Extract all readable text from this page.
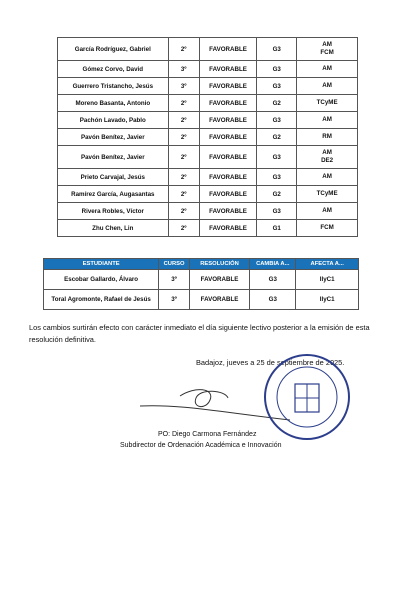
García Rodríguez, Gabriel	2º	FAVORABLE	G3	AM
FCM

Gómez Corvo, David	3º	FAVORABLE	G3	AM

Guerrero Tristancho, Jesús	3º	FAVORABLE	G3	AM

Moreno Basanta, Antonio	2º	FAVORABLE	G2	TCyME

Pachón Lavado, Pablo	2º	FAVORABLE	G3	AM

Pavón Benítez, Javier	2º	FAVORABLE	G2	RM

Pavón Benítez, Javier	2º	FAVORABLE	G3	AM
DE2

Prieto Carvajal, Jesús	2º	FAVORABLE	G3	AM

Ramírez García, Augasantas	2º	FAVORABLE	G2	TCyME

Rivera Robles, Víctor	2º	FAVORABLE	G3	AM

Zhu Chen, Lin	2º	FAVORABLE	G1	FCM
ESTUDIANTE	CURSO	RESOLUCIÓN	CAMBIA A...	AFECTA A...
Escobar Gallardo, Álvaro	3º	FAVORABLE	G3	IIyC1

Toral Agromonte, Rafael de Jesús	3º	FAVORABLE	G3	IIyC1
Los cambios surtirán efecto con carácter inmediato el día siguiente lectivo posterior a la emisión de esta resolución definitiva.
Badajoz, jueves a 25 de septiembre de 2025.
PO: Diego Carmona Fernández
Subdirector de Ordenación Académica e Innovación
